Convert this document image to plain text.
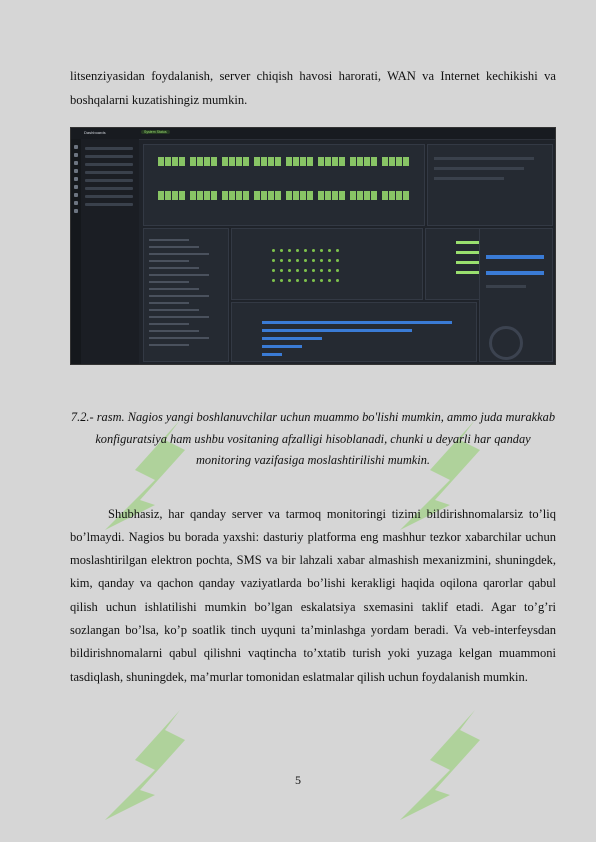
litsenziyasidan foydalanish, server chiqish havosi harorati, WAN va Internet kechikishi va boshqalarni kuzatishingiz mumkin.

Dashboards	System Status

7.2.- rasm. Nagios yangi boshlanuvchilar uchun muammo bo'lishi mumkin, ammo juda murakkab konfiguratsiya ham ushbu vositaning afzalligi hisoblanadi, chunki u deyarli har qanday monitoring vazifasiga moslashtirilishi mumkin.

Shubhasiz, har qanday server va tarmoq monitoringi tizimi bildirishnomalarsiz to’liq bo’lmaydi. Nagios bu borada yaxshi: dasturiy platforma eng mashhur tezkor xabarchilar uchun moslashtirilgan elektron pochta, SMS va bir lahzali xabar almashish mexanizmini, shuningdek, kim, qanday va qachon qanday vaziyatlarda bo’lishi kerakligi haqida oqilona qarorlar qabul qilish uchun ishlatilishi mumkin bo’lgan eskalatsiya sxemasini taklif etadi. Agar to’g’ri sozlangan bo’lsa, ko’p soatlik tinch uyquni ta’minlashga yordam beradi. Va veb-interfeysdan bildirishnomalarni qabul qilishni vaqtincha to’xtatib turish yoki yuzaga kelgan muammoni tasdiqlash, shuningdek, ma’murlar tomonidan eslatmalar qilish uchun foydalanish mumkin.

5
